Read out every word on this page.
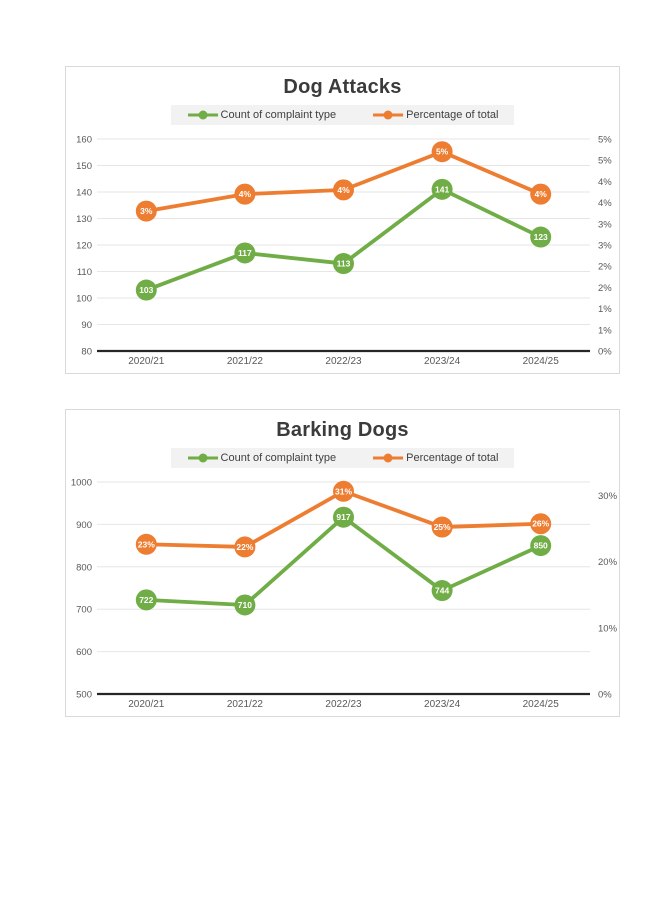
80
90
100
110
120
130
140
150
160
0%
1%
1%
2%
2%
3%
3%
4%
4%
5%
5%
2020/21	2021/22	2022/23	2023/24	2024/25
103
117
113
141
123
3%
4%	4%
5%
4%
Dog Attacks
Count of complaint type	Percentage of total
500
600
700
800
900
1000
0%
10%
20%
30%
2020/21	2021/22	2022/23	2023/24	2024/25
722
710
917
744
850
23%	22%
31%
25%	26%
Barking Dogs
Count of complaint type	Percentage of total
